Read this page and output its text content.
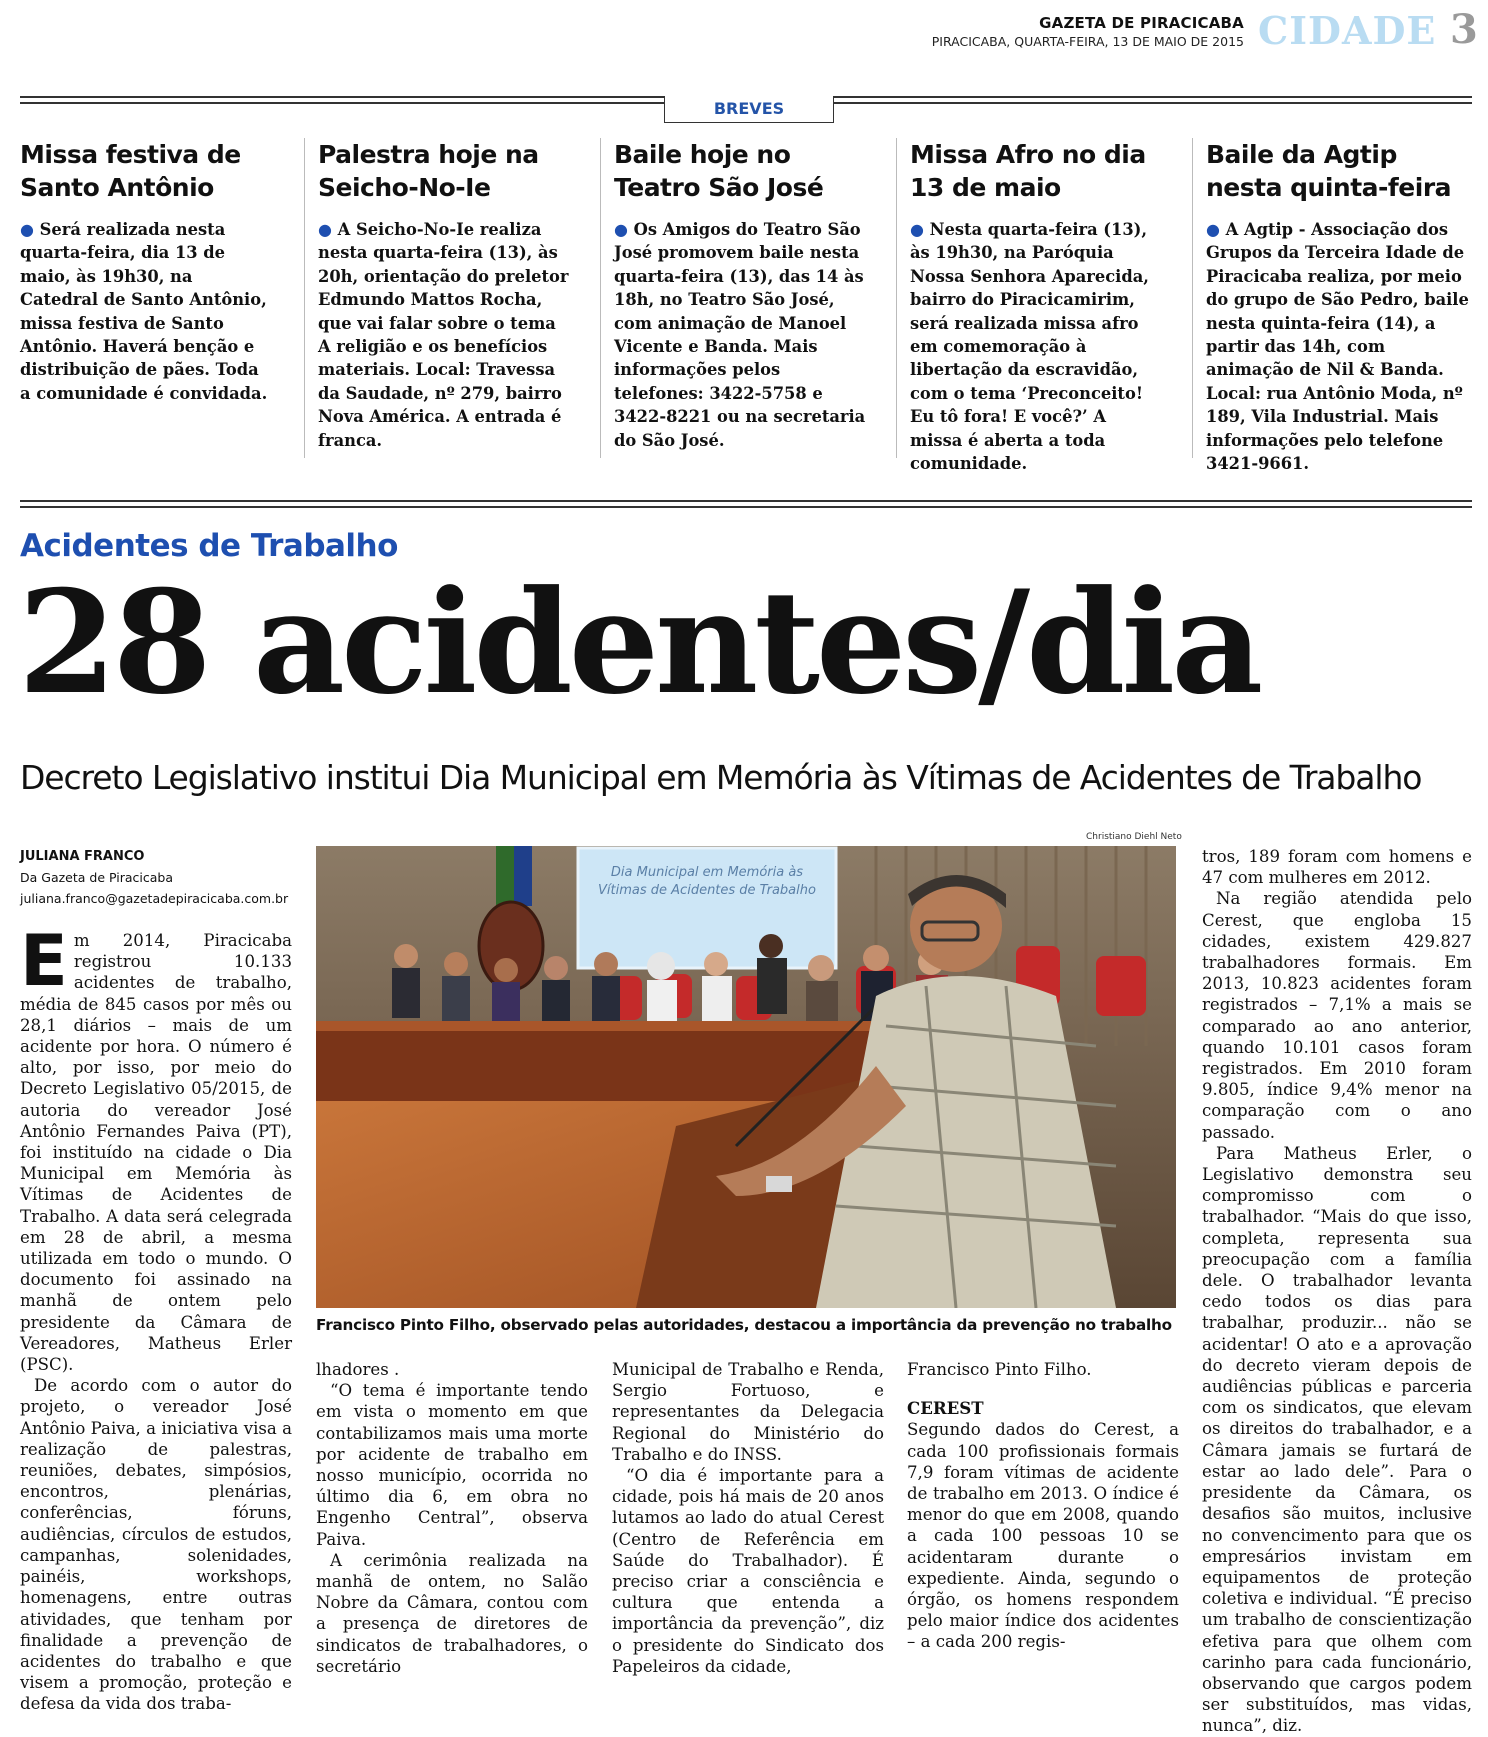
GAZETA DE PIRACICABA
PIRACICABA, QUARTA-FEIRA, 13 DE MAIO DE 2015 CIDADE 3
BREVES
Missa festiva de Santo Antônio

● Será realizada nesta quarta-feira, dia 13 de maio, às 19h30, na Catedral de Santo Antônio, missa festiva de Santo Antônio. Haverá benção e distribuição de pães. Toda a comunidade é convidada.

Palestra hoje na Seicho-No-Ie

● A Seicho-No-Ie realiza nesta quarta-feira (13), às 20h, orientação do preletor Edmundo Mattos Rocha, que vai falar sobre o tema A religião e os benefícios materiais. Local: Travessa da Saudade, nº 279, bairro Nova América. A entrada é franca.

Baile hoje no Teatro São José

● Os Amigos do Teatro São José promovem baile nesta quarta-feira (13), das 14 às 18h, no Teatro São José, com animação de Manoel Vicente e Banda. Mais informações pelos telefones: 3422-5758 e 3422-8221 ou na secretaria do São José.

Missa Afro no dia 13 de maio

● Nesta quarta-feira (13), às 19h30, na Paróquia Nossa Senhora Aparecida, bairro do Piracicamirim, será realizada missa afro em comemoração à libertação da escravidão, com o tema ‘Preconceito! Eu tô fora! E você?’ A missa é aberta a toda comunidade.

Baile da Agtip nesta quinta-feira

● A Agtip - Associação dos Grupos da Terceira Idade de Piracicaba realiza, por meio do grupo de São Pedro, baile nesta quinta-feira (14), a partir das 14h, com animação de Nil & Banda. Local: rua Antônio Moda, nº 189, Vila Industrial. Mais informações pelo telefone 3421-9661.

Acidentes de Trabalho
28 acidentes/dia
Decreto Legislativo institui Dia Municipal em Memória às Vítimas de Acidentes de Trabalho
JULIANA FRANCO
Da Gazeta de Piracicaba
juliana.franco@gazetadepiracicaba.com.br

Em 2014, Piracicaba registrou 10.133 acidentes de trabalho, média de 845 casos por mês ou 28,1 diários – mais de um acidente por hora. O número é alto, por isso, por meio do Decreto Legislativo 05/2015, de autoria do vereador José Antônio Fernandes Paiva (PT), foi instituído na cidade o Dia Municipal em Memória às Vítimas de Acidentes de Trabalho. A data será celegrada em 28 de abril, a mesma utilizada em todo o mundo. O documento foi assinado na manhã de ontem pelo presidente da Câmara de Vereadores, Matheus Erler (PSC).

De acordo com o autor do projeto, o vereador José Antônio Paiva, a iniciativa visa a realização de palestras, reuniões, debates, simpósios, encontros, plenárias, conferências, fóruns, audiências, círculos de estudos, campanhas, solenidades, painéis, workshops, homenagens, entre outras atividades, que tenham por finalidade a prevenção de acidentes do trabalho e que visem a promoção, proteção e defesa da vida dos traba-

Christiano Diehl Neto
Dia Municipal em Memória às
Vítimas de Acidentes de Trabalho
Francisco Pinto Filho, observado pelas autoridades, destacou a importância da prevenção no trabalho

lhadores .

“O tema é importante tendo em vista o momento em que contabilizamos mais uma morte por acidente de trabalho em nosso município, ocorrida no último dia 6, em obra no Engenho Central”, observa Paiva.

A cerimônia realizada na manhã de ontem, no Salão Nobre da Câmara, contou com a presença de diretores de sindicatos de trabalhadores, o secretário

Municipal de Trabalho e Renda, Sergio Fortuoso, e representantes da Delegacia Regional do Ministério do Trabalho e do INSS.

“O dia é importante para a cidade, pois há mais de 20 anos lutamos ao lado do atual Cerest (Centro de Referência em Saúde do Trabalhador). É preciso criar a consciência e cultura que entenda a importância da prevenção”, diz o presidente do Sindicato dos Papeleiros da cidade,

Francisco Pinto Filho.

CEREST

Segundo dados do Cerest, a cada 100 profissionais formais 7,9 foram vítimas de acidente de trabalho em 2013. O índice é menor do que em 2008, quando a cada 100 pessoas 10 se acidentaram durante o expediente. Ainda, segundo o órgão, os homens respondem pelo maior índice dos acidentes – a cada 200 regis-

tros, 189 foram com homens e 47 com mulheres em 2012.

Na região atendida pelo Cerest, que engloba 15 cidades, existem 429.827 trabalhadores formais. Em 2013, 10.823 acidentes foram registrados – 7,1% a mais se comparado ao ano anterior, quando 10.101 casos foram registrados. Em 2010 foram 9.805, índice 9,4% menor na comparação com o ano passado.

Para Matheus Erler, o Legislativo demonstra seu compromisso com o trabalhador. “Mais do que isso, completa, representa sua preocupação com a família dele. O trabalhador levanta cedo todos os dias para trabalhar, produzir... não se acidentar! O ato e a aprovação do decreto vieram depois de audiências públicas e parceria com os sindicatos, que elevam os direitos do trabalhador, e a Câmara jamais se furtará de estar ao lado dele”. Para o presidente da Câmara, os desafios são muitos, inclusive no convencimento para que os empresários invistam em equipamentos de proteção coletiva e individual. “É preciso um trabalho de conscientização efetiva para que olhem com carinho para cada funcionário, observando que cargos podem ser substituídos, mas vidas, nunca”, diz.
